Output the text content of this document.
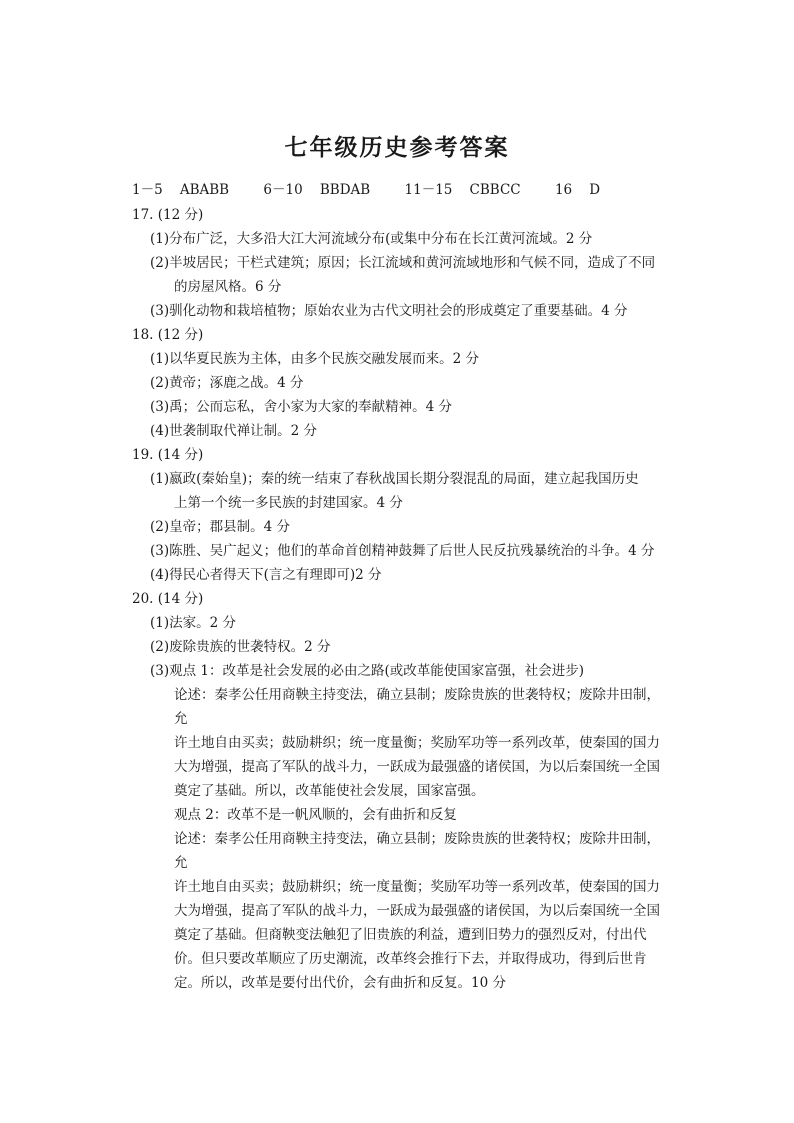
七年级历史参考答案
1－5    ABABB        6－10    BBDAB        11－15    CBBCC        16    D
17. (12 分)
(1)分布广泛，大多沿大江大河流域分布(或集中分布在长江黄河流域。2 分
(2)半坡居民；干栏式建筑；原因；长江流域和黄河流域地形和气候不同，造成了不同
的房屋风格。6 分
(3)驯化动物和栽培植物；原始农业为古代文明社会的形成奠定了重要基础。4 分
18. (12 分)
(1)以华夏民族为主体，由多个民族交融发展而来。2 分
(2)黄帝；涿鹿之战。4 分
(3)禹；公而忘私，舍小家为大家的奉献精神。4 分
(4)世袭制取代禅让制。2 分
19. (14 分)
(1)嬴政(秦始皇)；秦的统一结束了春秋战国长期分裂混乱的局面，建立起我国历史
上第一个统一多民族的封建国家。4 分
(2)皇帝；郡县制。4 分
(3)陈胜、吴广起义；他们的革命首创精神鼓舞了后世人民反抗残暴统治的斗争。4 分
(4)得民心者得天下(言之有理即可)2 分
20. (14 分)
(1)法家。2 分
(2)废除贵族的世袭特权。2 分
(3)观点 1：改革是社会发展的必由之路(或改革能使国家富强，社会进步)
论述：秦孝公任用商鞅主持变法，确立县制；废除贵族的世袭特权；废除井田制，允
许土地自由买卖；鼓励耕织；统一度量衡；奖励军功等一系列改革，使秦国的国力
大为增强，提高了军队的战斗力，一跃成为最强盛的诸侯国，为以后秦国统一全国
奠定了基础。所以，改革能使社会发展，国家富强。
观点 2：改革不是一帆风顺的，会有曲折和反复
论述：秦孝公任用商鞅主持变法，确立县制；废除贵族的世袭特权；废除井田制，允
许土地自由买卖；鼓励耕织；统一度量衡；奖励军功等一系列改革，使秦国的国力
大为增强，提高了军队的战斗力，一跃成为最强盛的诸侯国，为以后秦国统一全国
奠定了基础。但商鞅变法触犯了旧贵族的利益，遭到旧势力的强烈反对，付出代
价。但只要改革顺应了历史潮流，改革终会推行下去，并取得成功，得到后世肯
定。所以，改革是要付出代价，会有曲折和反复。10 分
